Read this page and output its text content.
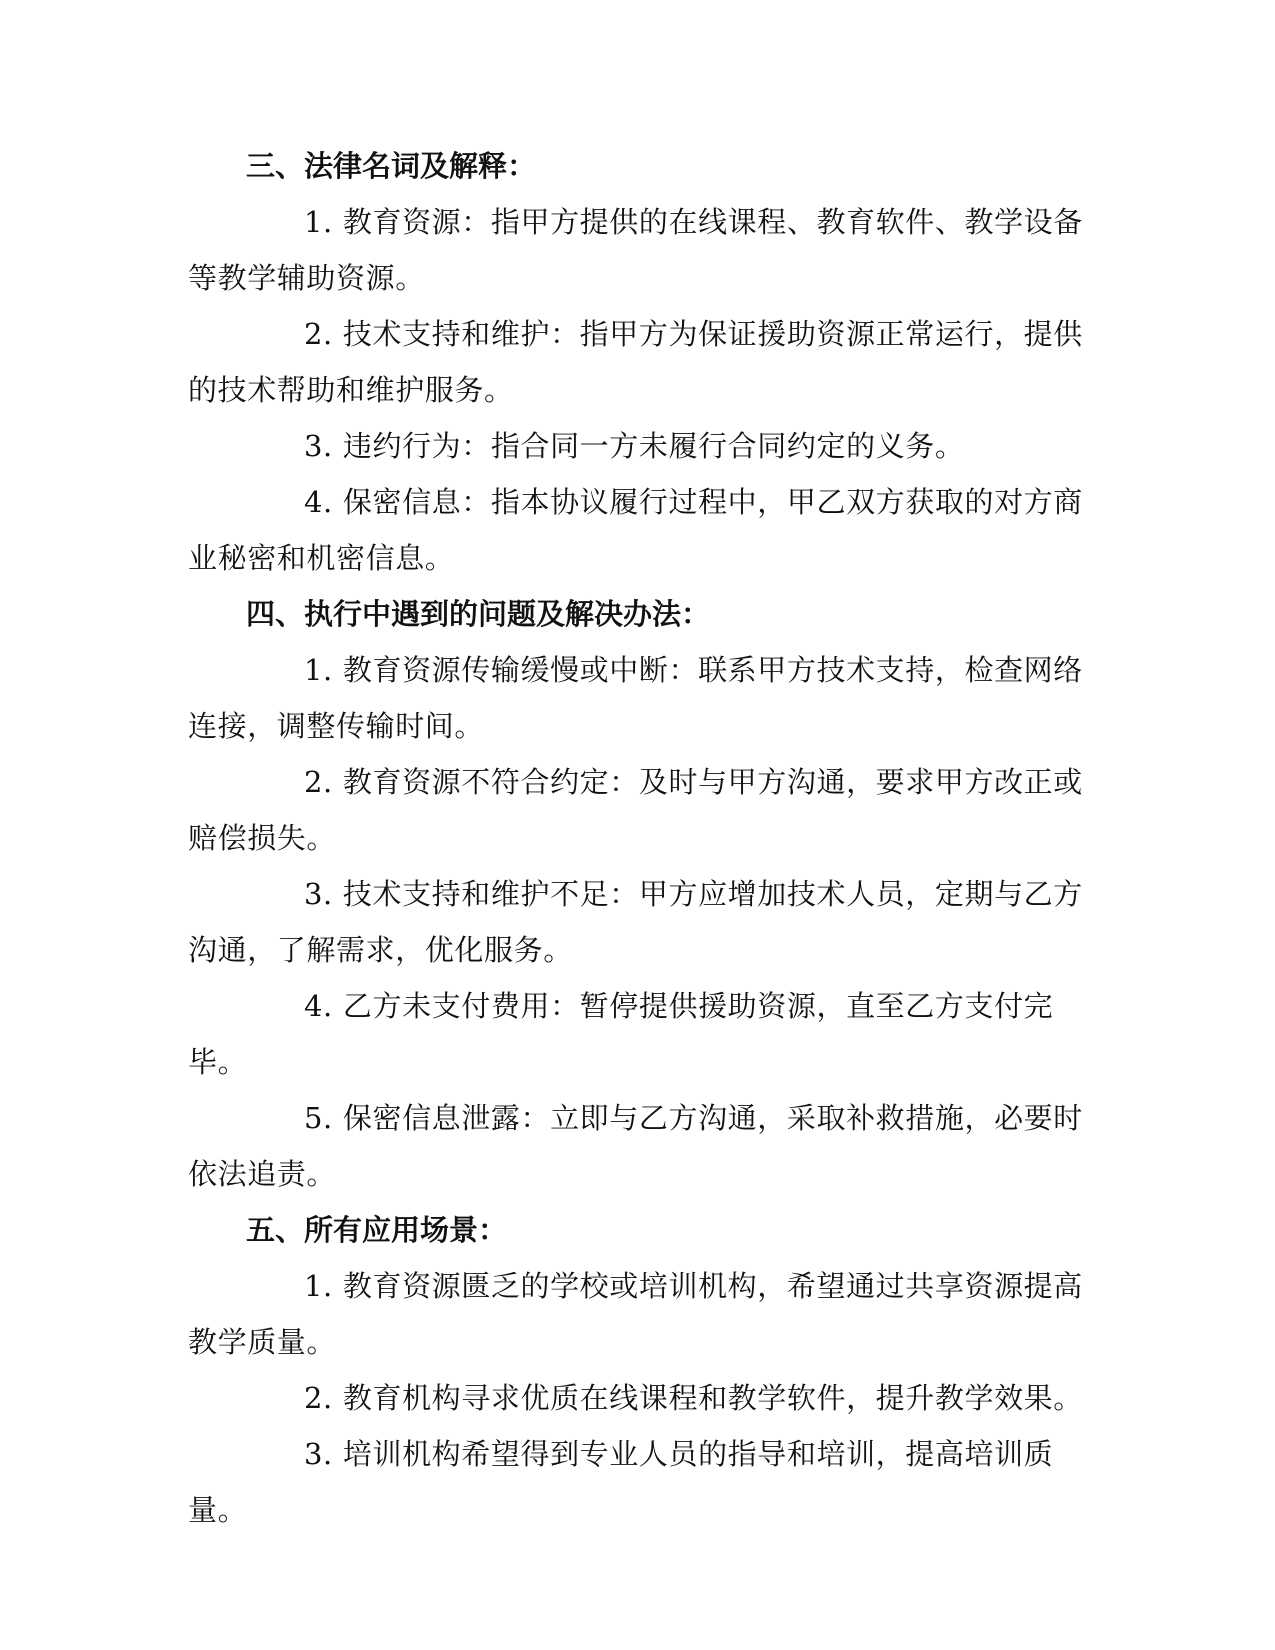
三、法律名词及解释：

1. 教育资源：指甲方提供的在线课程、教育软件、教学设备等教学辅助资源。

2. 技术支持和维护：指甲方为保证援助资源正常运行，提供的技术帮助和维护服务。

3. 违约行为：指合同一方未履行合同约定的义务。

4. 保密信息：指本协议履行过程中，甲乙双方获取的对方商业秘密和机密信息。

四、执行中遇到的问题及解决办法：

1. 教育资源传输缓慢或中断：联系甲方技术支持，检查网络连接，调整传输时间。

2. 教育资源不符合约定：及时与甲方沟通，要求甲方改正或赔偿损失。

3. 技术支持和维护不足：甲方应增加技术人员，定期与乙方沟通，了解需求，优化服务。

4. 乙方未支付费用：暂停提供援助资源，直至乙方支付完毕。

5. 保密信息泄露：立即与乙方沟通，采取补救措施，必要时依法追责。

五、所有应用场景：

1. 教育资源匮乏的学校或培训机构，希望通过共享资源提高教学质量。

2. 教育机构寻求优质在线课程和教学软件，提升教学效果。

3. 培训机构希望得到专业人员的指导和培训，提高培训质量。
